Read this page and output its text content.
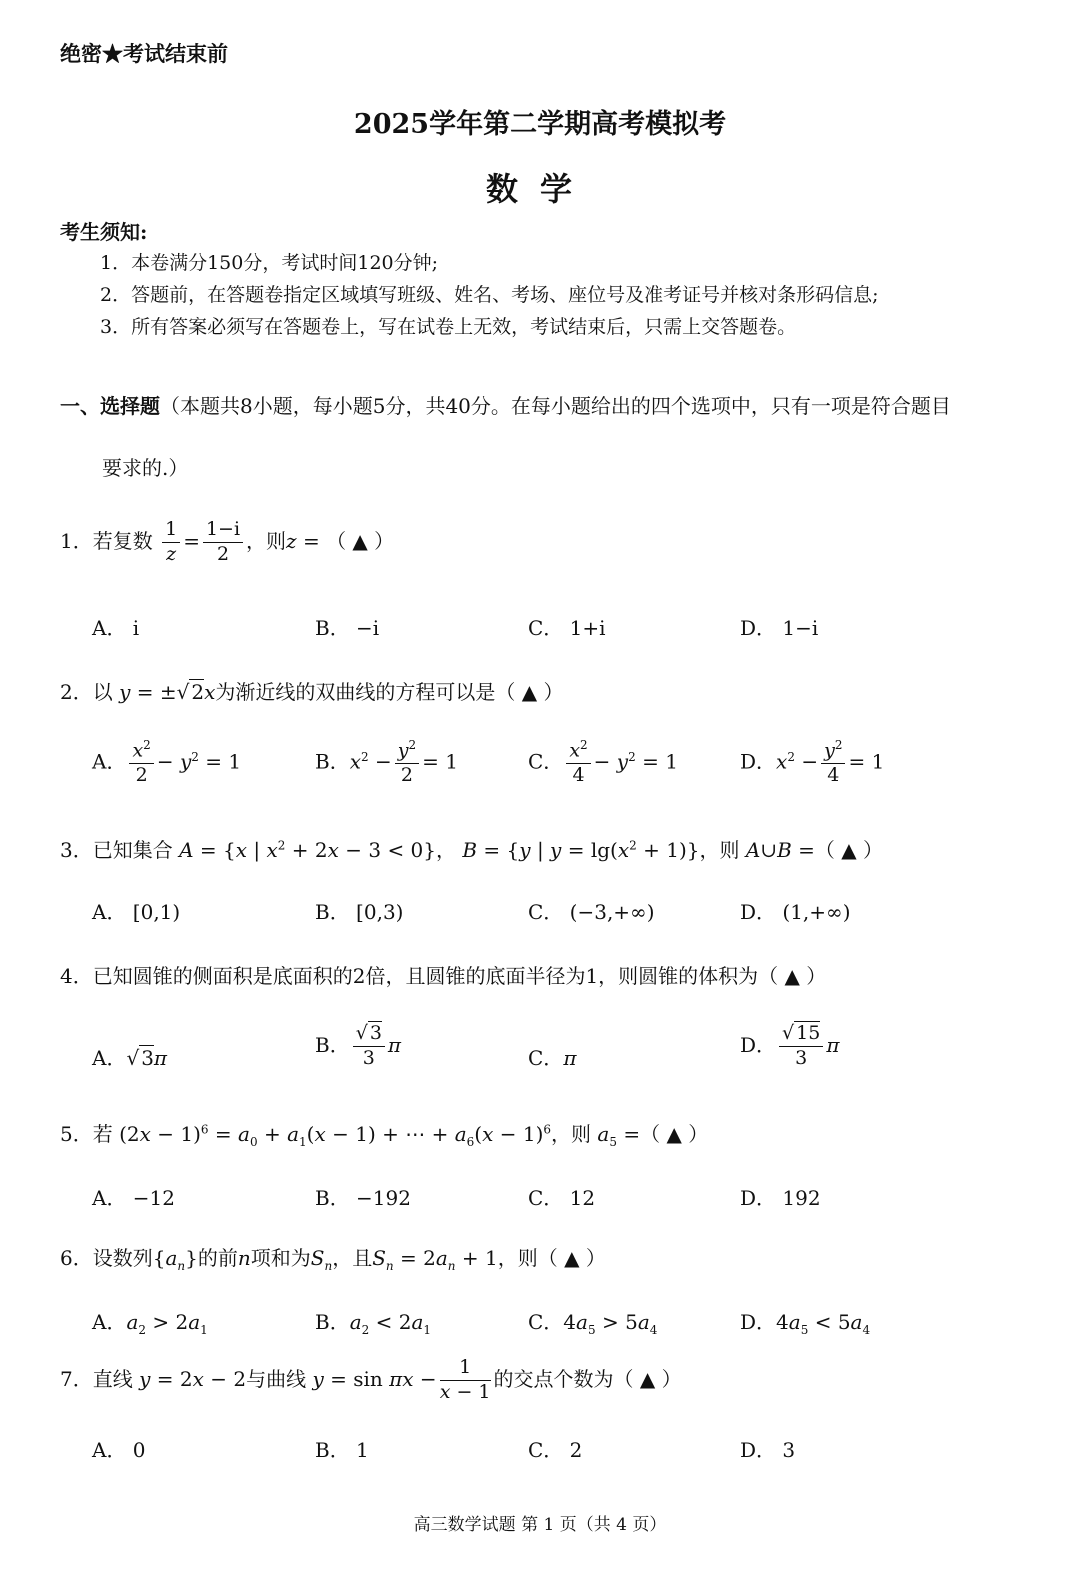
绝密★考试结束前
2025学年第二学期高考模拟考
数学
考生须知:
1．本卷满分150分，考试时间120分钟;
2．答题前，在答题卷指定区域填写班级、姓名、考场、座位号及准考证号并核对条形码信息;
3．所有答案必须写在答题卷上，写在试卷上无效，考试结束后，只需上交答题卷。
一、选择题（本题共8小题，每小题5分，共40分。在每小题给出的四个选项中，只有一项是符合题目
要求的.）
1．若复数 $\frac{1}{z} = \frac{1-i}{2}$ ，则z = （ ▲ ）
A． i	B． −i	C． 1+i	D． 1−i
2．以 y = ±√ 2x为渐近线的双曲线的方程可以是（ ▲ ）
A． $\frac{x^2}{2} - y^2 = 1$	B．$x^2 - \frac{y^2}{2} = 1$	C． $\frac{x^2}{4} - y^2 = 1$	D．$x^2 - \frac{y^2}{4} = 1$
3．已知集合 A = {x | $x^2 + 2x - 3 < 0$}， B = {y | $y = \lg(x^2 + 1)$}，则 A∪B =（ ▲ ）
A． [0,1)	B． [0,3)	C． (−3,+∞)	D． (1,+∞)
4．已知圆锥的侧面积是底面积的2倍，且圆锥的底面半径为1，则圆锥的体积为（ ▲ ）
A．√ 3π
B． $\frac{√ 3}{3}$ π
C．π
D． $\frac{√ 15}{3}$ π
5．若 $(2x - 1)^6 = a_0 + a_1(x - 1)$ + ⋯ + $a_6(x - 1)^6$，则 $a_5$ =（ ▲ ）
A． −12	B． −192	C． 12	D． 192
6．设数列$\{a_n\}$的前n项和为$S_n$，且$S_n = 2a_n + 1$，则（ ▲ ）
A．$a_2 > 2a_1$	B．$a_2 < 2a_1$	C．$4a_5 > 5a_4$	D．$4a_5 < 5a_4$
7．直线 y = 2x − 2与曲线 $y = \sin \pi x - \frac{1}{x - 1}$ 的交点个数为（ ▲ ）
A． 0	B． 1	C． 2	D． 3
高三数学试题 第 1 页（共 4 页）
